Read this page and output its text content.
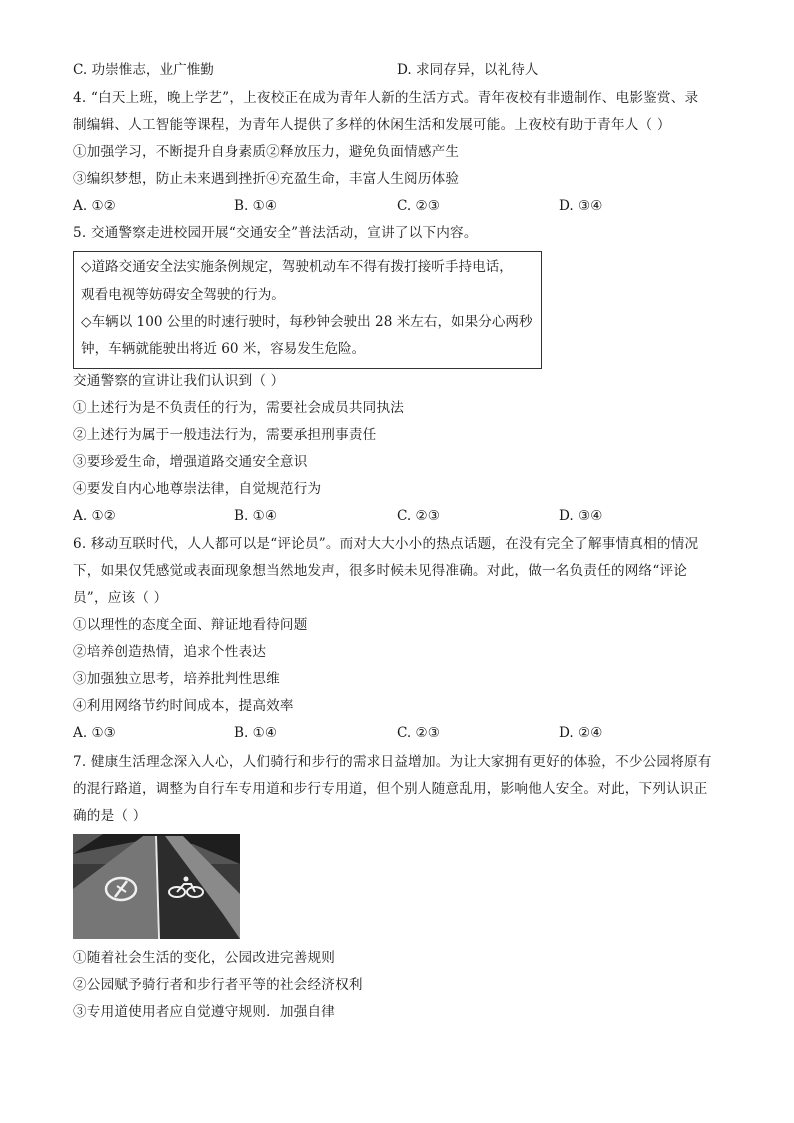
C. 功崇惟志，业广惟勤	D. 求同存异，以礼待人
4. “白天上班，晚上学艺”，上夜校正在成为青年人新的生活方式。青年夜校有非遗制作、电影鉴赏、录
制编辑、人工智能等课程，为青年人提供了多样的休闲生活和发展可能。上夜校有助于青年人（ ）
①加强学习，不断提升自身素质②释放压力，避免负面情感产生
③编织梦想，防止未来遇到挫折④充盈生命，丰富人生阅历体验
A. ①②	B. ①④	C. ②③	D. ③④
5. 交通警察走进校园开展“交通安全”普法活动，宣讲了以下内容。
◇道路交通安全法实施条例规定，驾驶机动车不得有拨打接听手持电话，
观看电视等妨碍安全驾驶的行为。
◇车辆以 100 公里的时速行驶时，每秒钟会驶出 28 米左右，如果分心两秒
钟，车辆就能驶出将近 60 米，容易发生危险。
交通警察的宣讲让我们认识到（ ）
①上述行为是不负责任的行为，需要社会成员共同执法
②上述行为属于一般违法行为，需要承担刑事责任
③要珍爱生命，增强道路交通安全意识
④要发自内心地尊崇法律，自觉规范行为
A. ①②	B. ①④	C. ②③	D. ③④
6. 移动互联时代，人人都可以是“评论员”。而对大大小小的热点话题，在没有完全了解事情真相的情况
下，如果仅凭感觉或表面现象想当然地发声，很多时候未见得准确。对此，做一名负责任的网络“评论
员”，应该（ ）
①以理性的态度全面、辩证地看待问题
②培养创造热情，追求个性表达
③加强独立思考，培养批判性思维
④利用网络节约时间成本，提高效率
A. ①③	B. ①④	C. ②③	D. ②④
7. 健康生活理念深入人心，人们骑行和步行的需求日益增加。为让大家拥有更好的体验，不少公园将原有
的混行路道，调整为自行车专用道和步行专用道，但个别人随意乱用，影响他人安全。对此，下列认识正
确的是（ ）
①随着社会生活的变化，公园改进完善规则
②公园赋予骑行者和步行者平等的社会经济权利
③专用道使用者应自觉遵守规则．加强自律
